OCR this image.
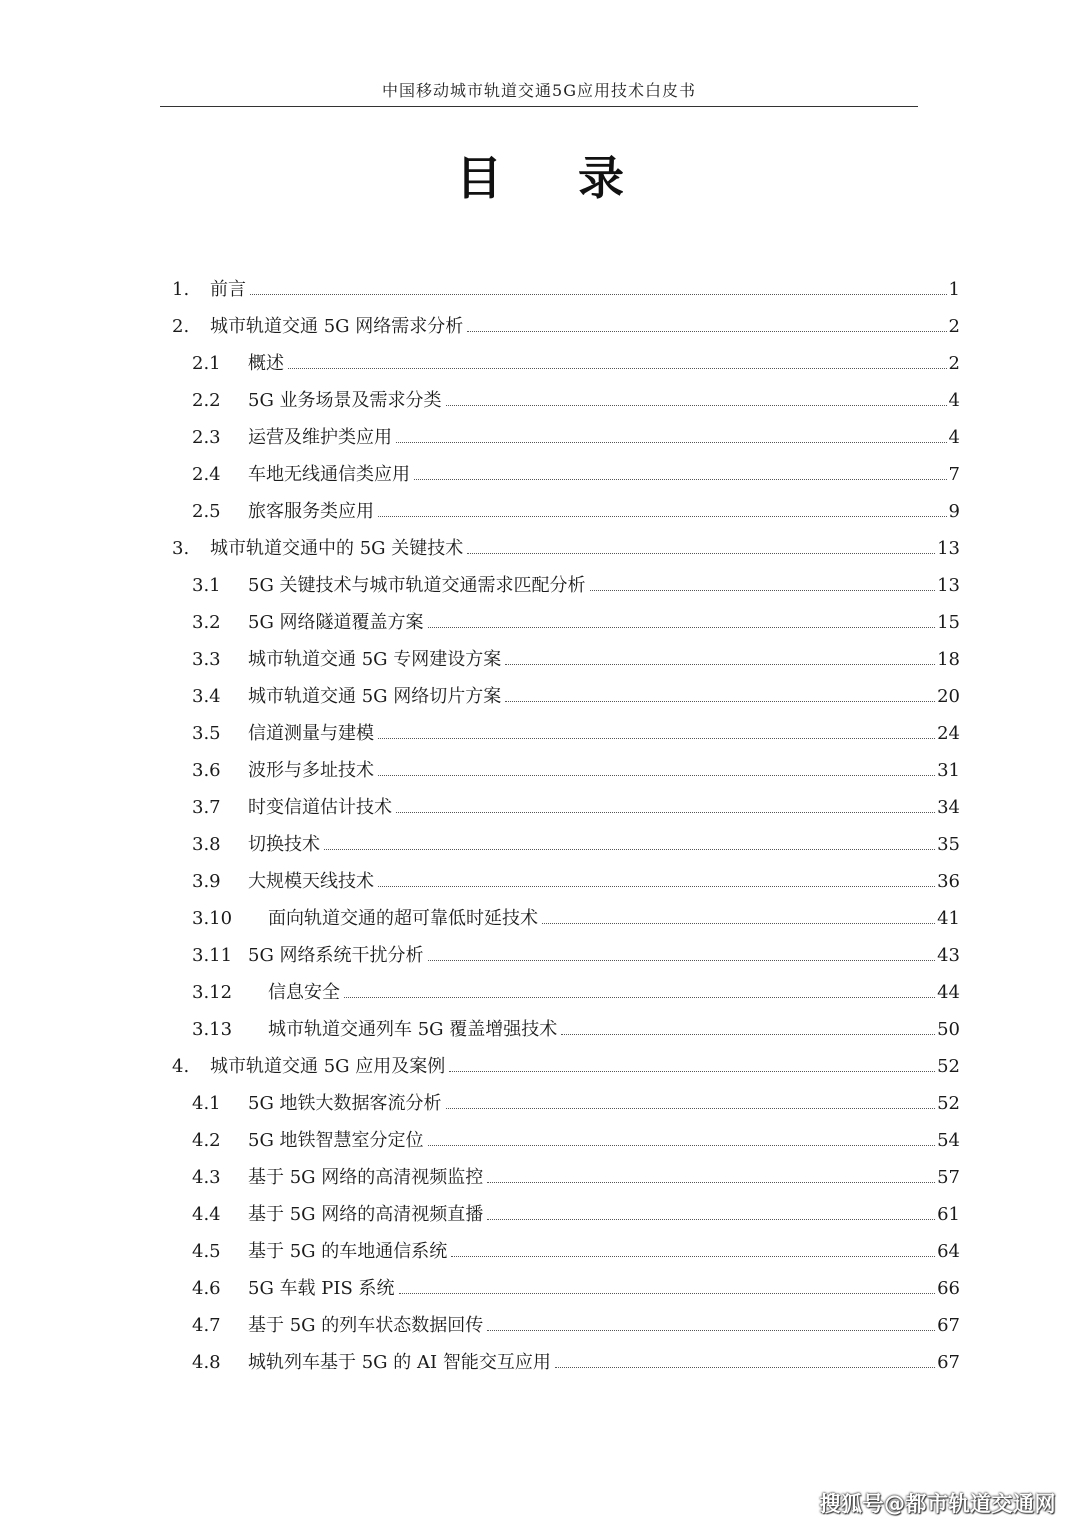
中国移动城市轨道交通5G应用技术白皮书
目 录
1. 前言	1
2. 城市轨道交通 5G 网络需求分析	2
2.1 概述	2
2.2 5G 业务场景及需求分类	4
2.3 运营及维护类应用	4
2.4 车地无线通信类应用	7
2.5 旅客服务类应用	9
3. 城市轨道交通中的 5G 关键技术	13
3.1 5G 关键技术与城市轨道交通需求匹配分析	13
3.2 5G 网络隧道覆盖方案	15
3.3 城市轨道交通 5G 专网建设方案	18
3.4 城市轨道交通 5G 网络切片方案	20
3.5 信道测量与建模	24
3.6 波形与多址技术	31
3.7 时变信道估计技术	34
3.8 切换技术	35
3.9 大规模天线技术	36
3.10 面向轨道交通的超可靠低时延技术	41
3.11 5G 网络系统干扰分析	43
3.12 信息安全	44
3.13 城市轨道交通列车 5G 覆盖增强技术	50
4. 城市轨道交通 5G 应用及案例	52
4.1 5G 地铁大数据客流分析	52
4.2 5G 地铁智慧室分定位	54
4.3 基于 5G 网络的高清视频监控	57
4.4 基于 5G 网络的高清视频直播	61
4.5 基于 5G 的车地通信系统	64
4.6 5G 车载 PIS 系统	66
4.7 基于 5G 的列车状态数据回传	67
4.8 城轨列车基于 5G 的 AI 智能交互应用	67
搜狐号@都市轨道交通网
